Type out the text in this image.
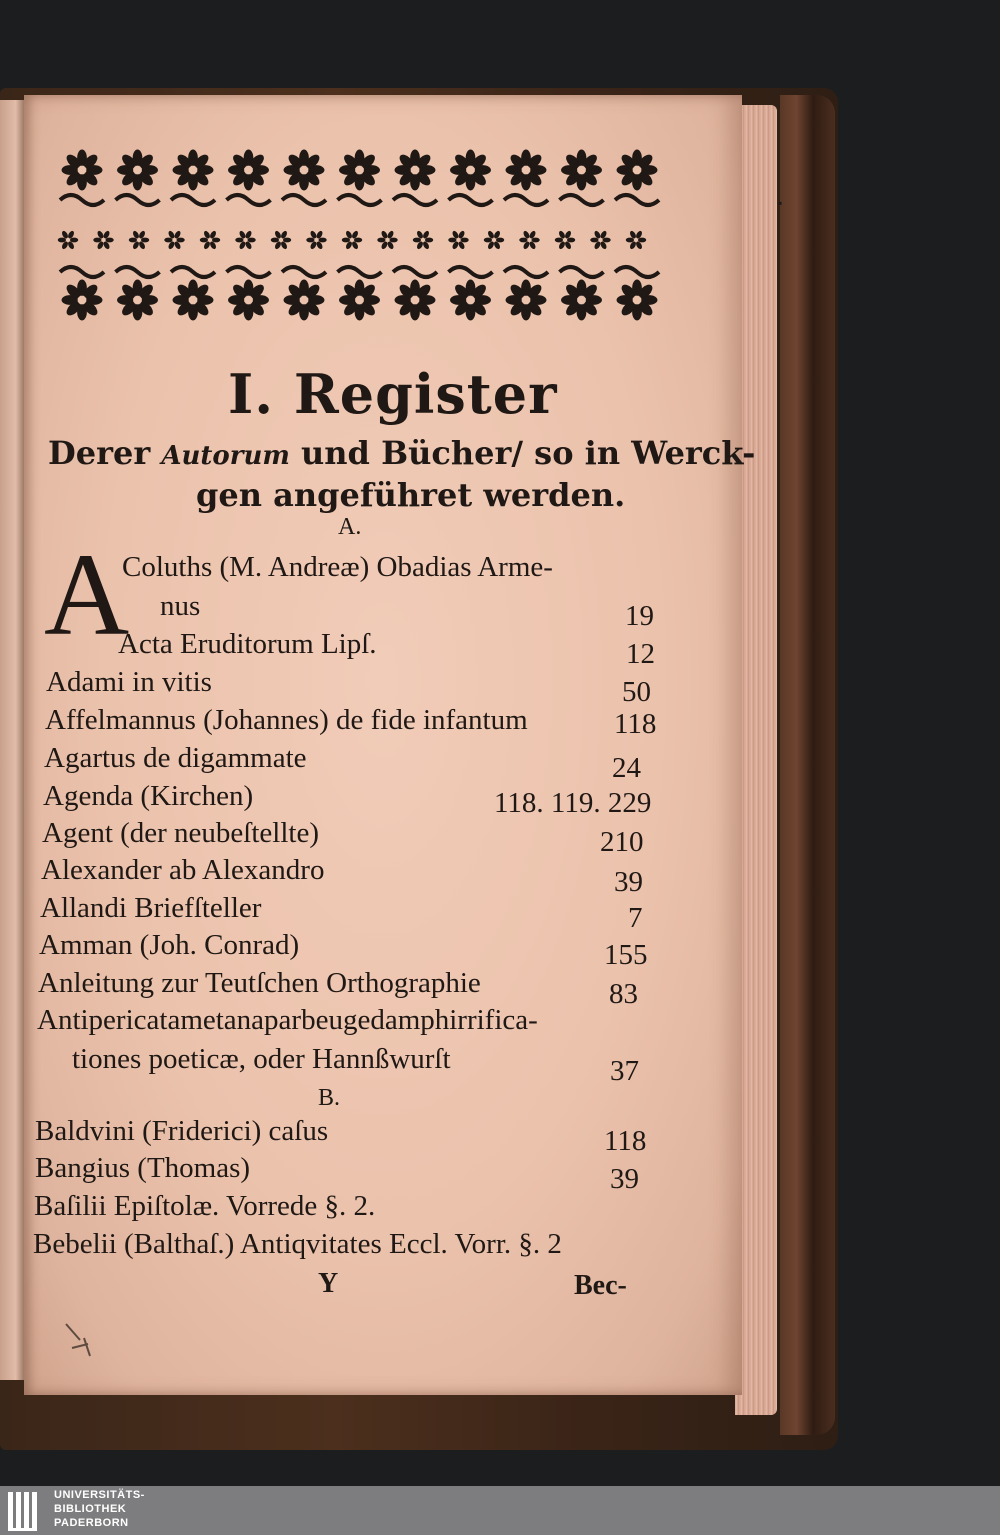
▪

I. Register

Derer Autorum und Bücher/ so in Werck-

gen angeführet werden.

A.

A

Coluths (M. Andreæ) Obadias Arme-

nus	19

Acta Eruditorum Lipſ.	12

Adami in vitis	50

Affelmannus (Johannes) de fide infantum	118

Agartus de digammate	24

Agenda (Kirchen)	118. 119. 229

Agent (der neubeſtellte)	210

Alexander ab Alexandro	39

Allandi Briefſteller	7

Amman (Joh. Conrad)	155

Anleitung zur Teutſchen Orthographie	83

Antipericatametanaparbeugedamphirrifica-

tiones poeticæ, oder Hannßwurſt	37

B.

Baldvini (Friderici) caſus	118

Bangius (Thomas)	39

Baſilii Epiſtolæ. Vorrede §. 2.

Bebelii (Balthaſ.) Antiqvitates Eccl. Vorr. §. 2

Y	Bec-

UNIVERSITÄTS-

BIBLIOTHEK

PADERBORN
